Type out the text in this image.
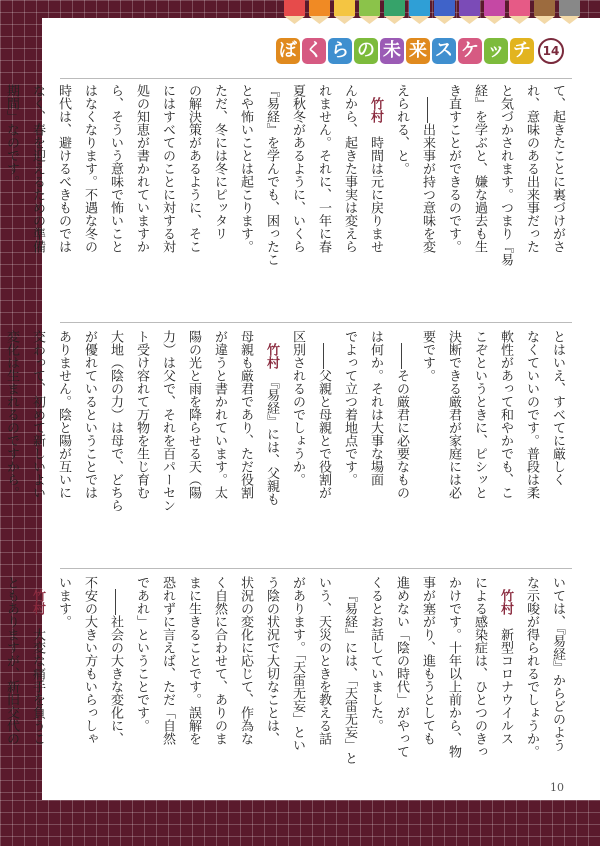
ぼ く ら の 未 来 ス ケ ッ チ 14
て、起きたことに裏づけがさ
れ、意味のある出来事だった
と気づかされます。つまり『易
経』を学ぶと、嫌な過去も生
き直すことができるのです。
――出来事が持つ意味を変
えられる、と。
竹村　時間は元に戻りませ
んから、起きた事実は変えら
れません。それに、一年に春
夏秋冬があるように、いくら
『易経』を学んでも、困ったこ
とや怖いことは起こります。
ただ、冬には冬にピッタリ
の解決策があるように、そこ
にはすべてのことに対する対
処の知恵が書かれていますか
ら、そういう意味で怖いこと
はなくなります。不遇な冬の
時代は、避けるべきものでは
なく、春を迎えるための準備
期間」なのです。
とはいえ、すべてに厳しく
なくていいのです。普段は柔
軟性があって和やかでも、こ
こぞというときに、ピシッと
決断できる厳君が家庭には必
要です。
――その厳君に必要なもの
は何か。それは大事な場面
でよって立つ着地点です。
――父親と母親とで役割が
区別されるのでしょうか。
竹村　『易経』には、父親も
母親も厳君であり、ただ役割
が違うと書かれています。太
陽の光と雨を降らせる天（陽
力）は父で、それを百パーセン
ト受け容れて万物を生じ育む
大地（陰の力）は母で、どちら
が優れているということでは
ありません。陰と陽が互いに
交わって、初めて新しいよい
変化は生まれるのですから。
いては、『易経』からどのよう
な示唆が得られるでしょうか。
竹村　新型コロナウイルス
による感染症は、ひとつのきっ
かけです。十年以上前から、物
事が塞がり、進もうとしても
進めない「陰の時代」がやって
くるとお話していました。
『易経』には、「天雷无妄」と
いう、天災のときを教える話
があります。「天雷无妄」とい
う陰の状況で大切なことは、
状況の変化に応じて、作為な
く自然に合わせて、ありのま
まに生きることです。誤解を
恐れずに言えば、ただ「自然
であれ」ということです。
――社会の大きな変化に、
不安の大きい方もいらっしゃ
います。
竹村　大変な痛手を負うこ
ともありますが、新旧交代の
10
